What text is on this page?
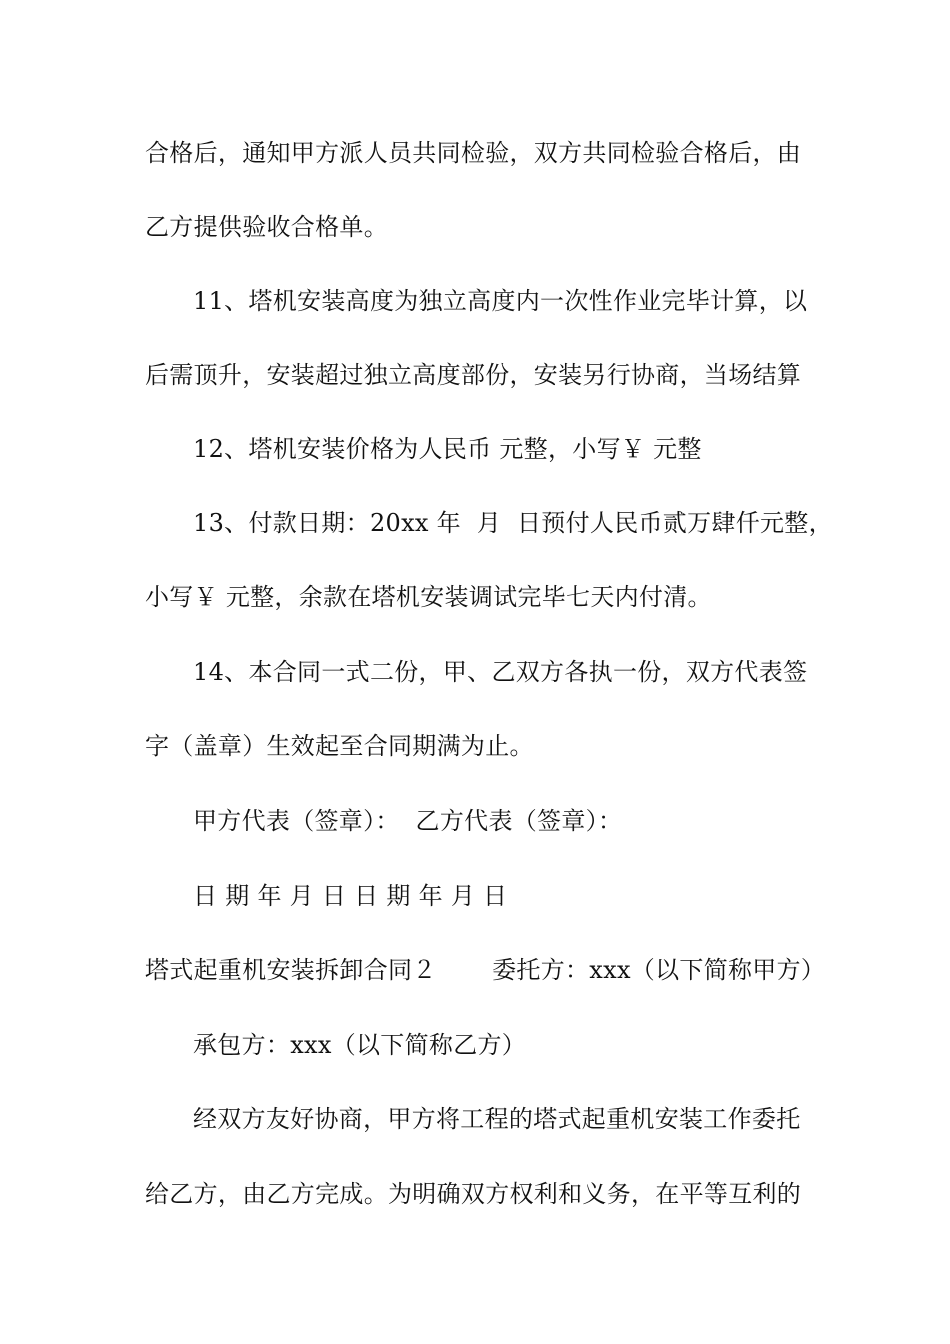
合格后，通知甲方派人员共同检验，双方共同检验合格后，由
乙方提供验收合格单。
11、塔机安装高度为独立高度内一次性作业完毕计算，以
后需顶升，安装超过独立高度部份，安装另行协商，当场结算
12、塔机安装价格为人民币 元整，小写￥ 元整
13、付款日期：20xx 年  月  日预付人民币贰万肆仟元整，
小写￥ 元整，余款在塔机安装调试完毕七天内付清。
14、本合同一式二份，甲、乙双方各执一份，双方代表签
字（盖章）生效起至合同期满为止。
甲方代表（签章）：  乙方代表（签章）：
日 期 年 月 日 日 期 年 月 日
塔式起重机安装拆卸合同２       委托方：xxx（以下简称甲方）
承包方：xxx（以下简称乙方）
经双方友好协商，甲方将工程的塔式起重机安装工作委托
给乙方，由乙方完成。为明确双方权利和义务，在平等互利的
